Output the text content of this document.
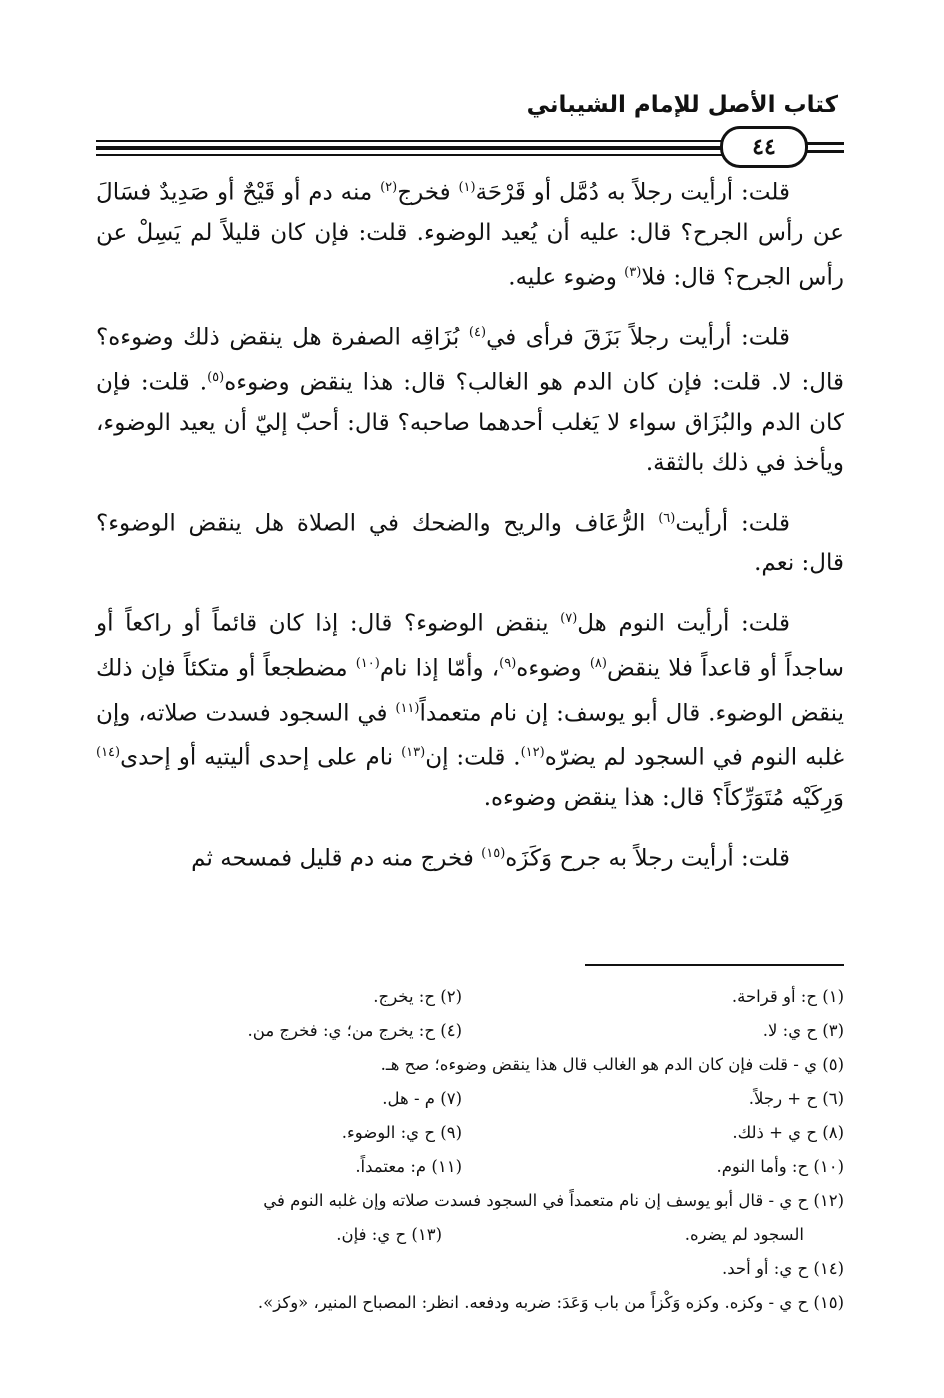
كتاب الأصل للإمام الشيباني
٤٤

قلت: أرأيت رجلاً به دُمَّل أو قَرْحَة$^{(١)}$ فخرج$^{(٢)}$ منه دم أو قَيْحٌ أو صَدِيدٌ فسَالَ عن رأس الجرح؟ قال: عليه أن يُعيد الوضوء. قلت: فإن كان قليلاً لم يَسِلْ عن رأس الجرح؟ قال: فلا$^{(٣)}$ وضوء عليه.

قلت: أرأيت رجلاً بَزَقَ فرأى في$^{(٤)}$ بُزَاقِه الصفرة هل ينقض ذلك وضوءه؟ قال: لا. قلت: فإن كان الدم هو الغالب؟ قال: هذا ينقض وضوءه$^{(٥)}$. قلت: فإن كان الدم والبُزَاق سواء لا يَغلب أحدهما صاحبه؟ قال: أحبّ إليّ أن يعيد الوضوء، ويأخذ في ذلك بالثقة.

قلت: أرأيت$^{(٦)}$ الرُّعَاف والريح والضحك في الصلاة هل ينقض الوضوء؟ قال: نعم.

قلت: أرأيت النوم هل$^{(٧)}$ ينقض الوضوء؟ قال: إذا كان قائماً أو راكعاً أو ساجداً أو قاعداً فلا ينقض$^{(٨)}$ وضوءه$^{(٩)}$، وأمّا إذا نام$^{(١٠)}$ مضطجعاً أو متكئاً فإن ذلك ينقض الوضوء. قال أبو يوسف: إن نام متعمداً$^{(١١)}$ في السجود فسدت صلاته، وإن غلبه النوم في السجود لم يضرّه$^{(١٢)}$. قلت: إن$^{(١٣)}$ نام على إحدى أليتيه أو إحدى$^{(١٤)}$ وَرِكَيْه مُتَوَرِّكاً؟ قال: هذا ينقض وضوءه.

قلت: أرأيت رجلاً به جرح وَكَزَه$^{(١٥)}$ فخرج منه دم قليل فمسحه ثم

(١) ح: أو قراحة.
(٢) ح: يخرج.
(٣) ح ي: لا.
(٤) ح: يخرج من؛ ي: فخرج من.
(٥) ي - قلت فإن كان الدم هو الغالب قال هذا ينقض وضوءه؛ صح هـ.
(٦) ح + رجلاً.
(٧) م - هل.
(٨) ح ي + ذلك.
(٩) ح ي: الوضوء.
(١٠) ح: وأما النوم.
(١١) م: معتمداً.
(١٢) ح ي - قال أبو يوسف إن نام متعمداً في السجود فسدت صلاته وإن غلبه النوم في
السجود لم يضره.
(١٣) ح ي: فإن.
(١٤) ح ي: أو أحد.
(١٥) ح ي - وكزه. وكزه وَكْزاً من باب وَعَدَ: ضربه ودفعه. انظر: المصباح المنير، «وكز».
